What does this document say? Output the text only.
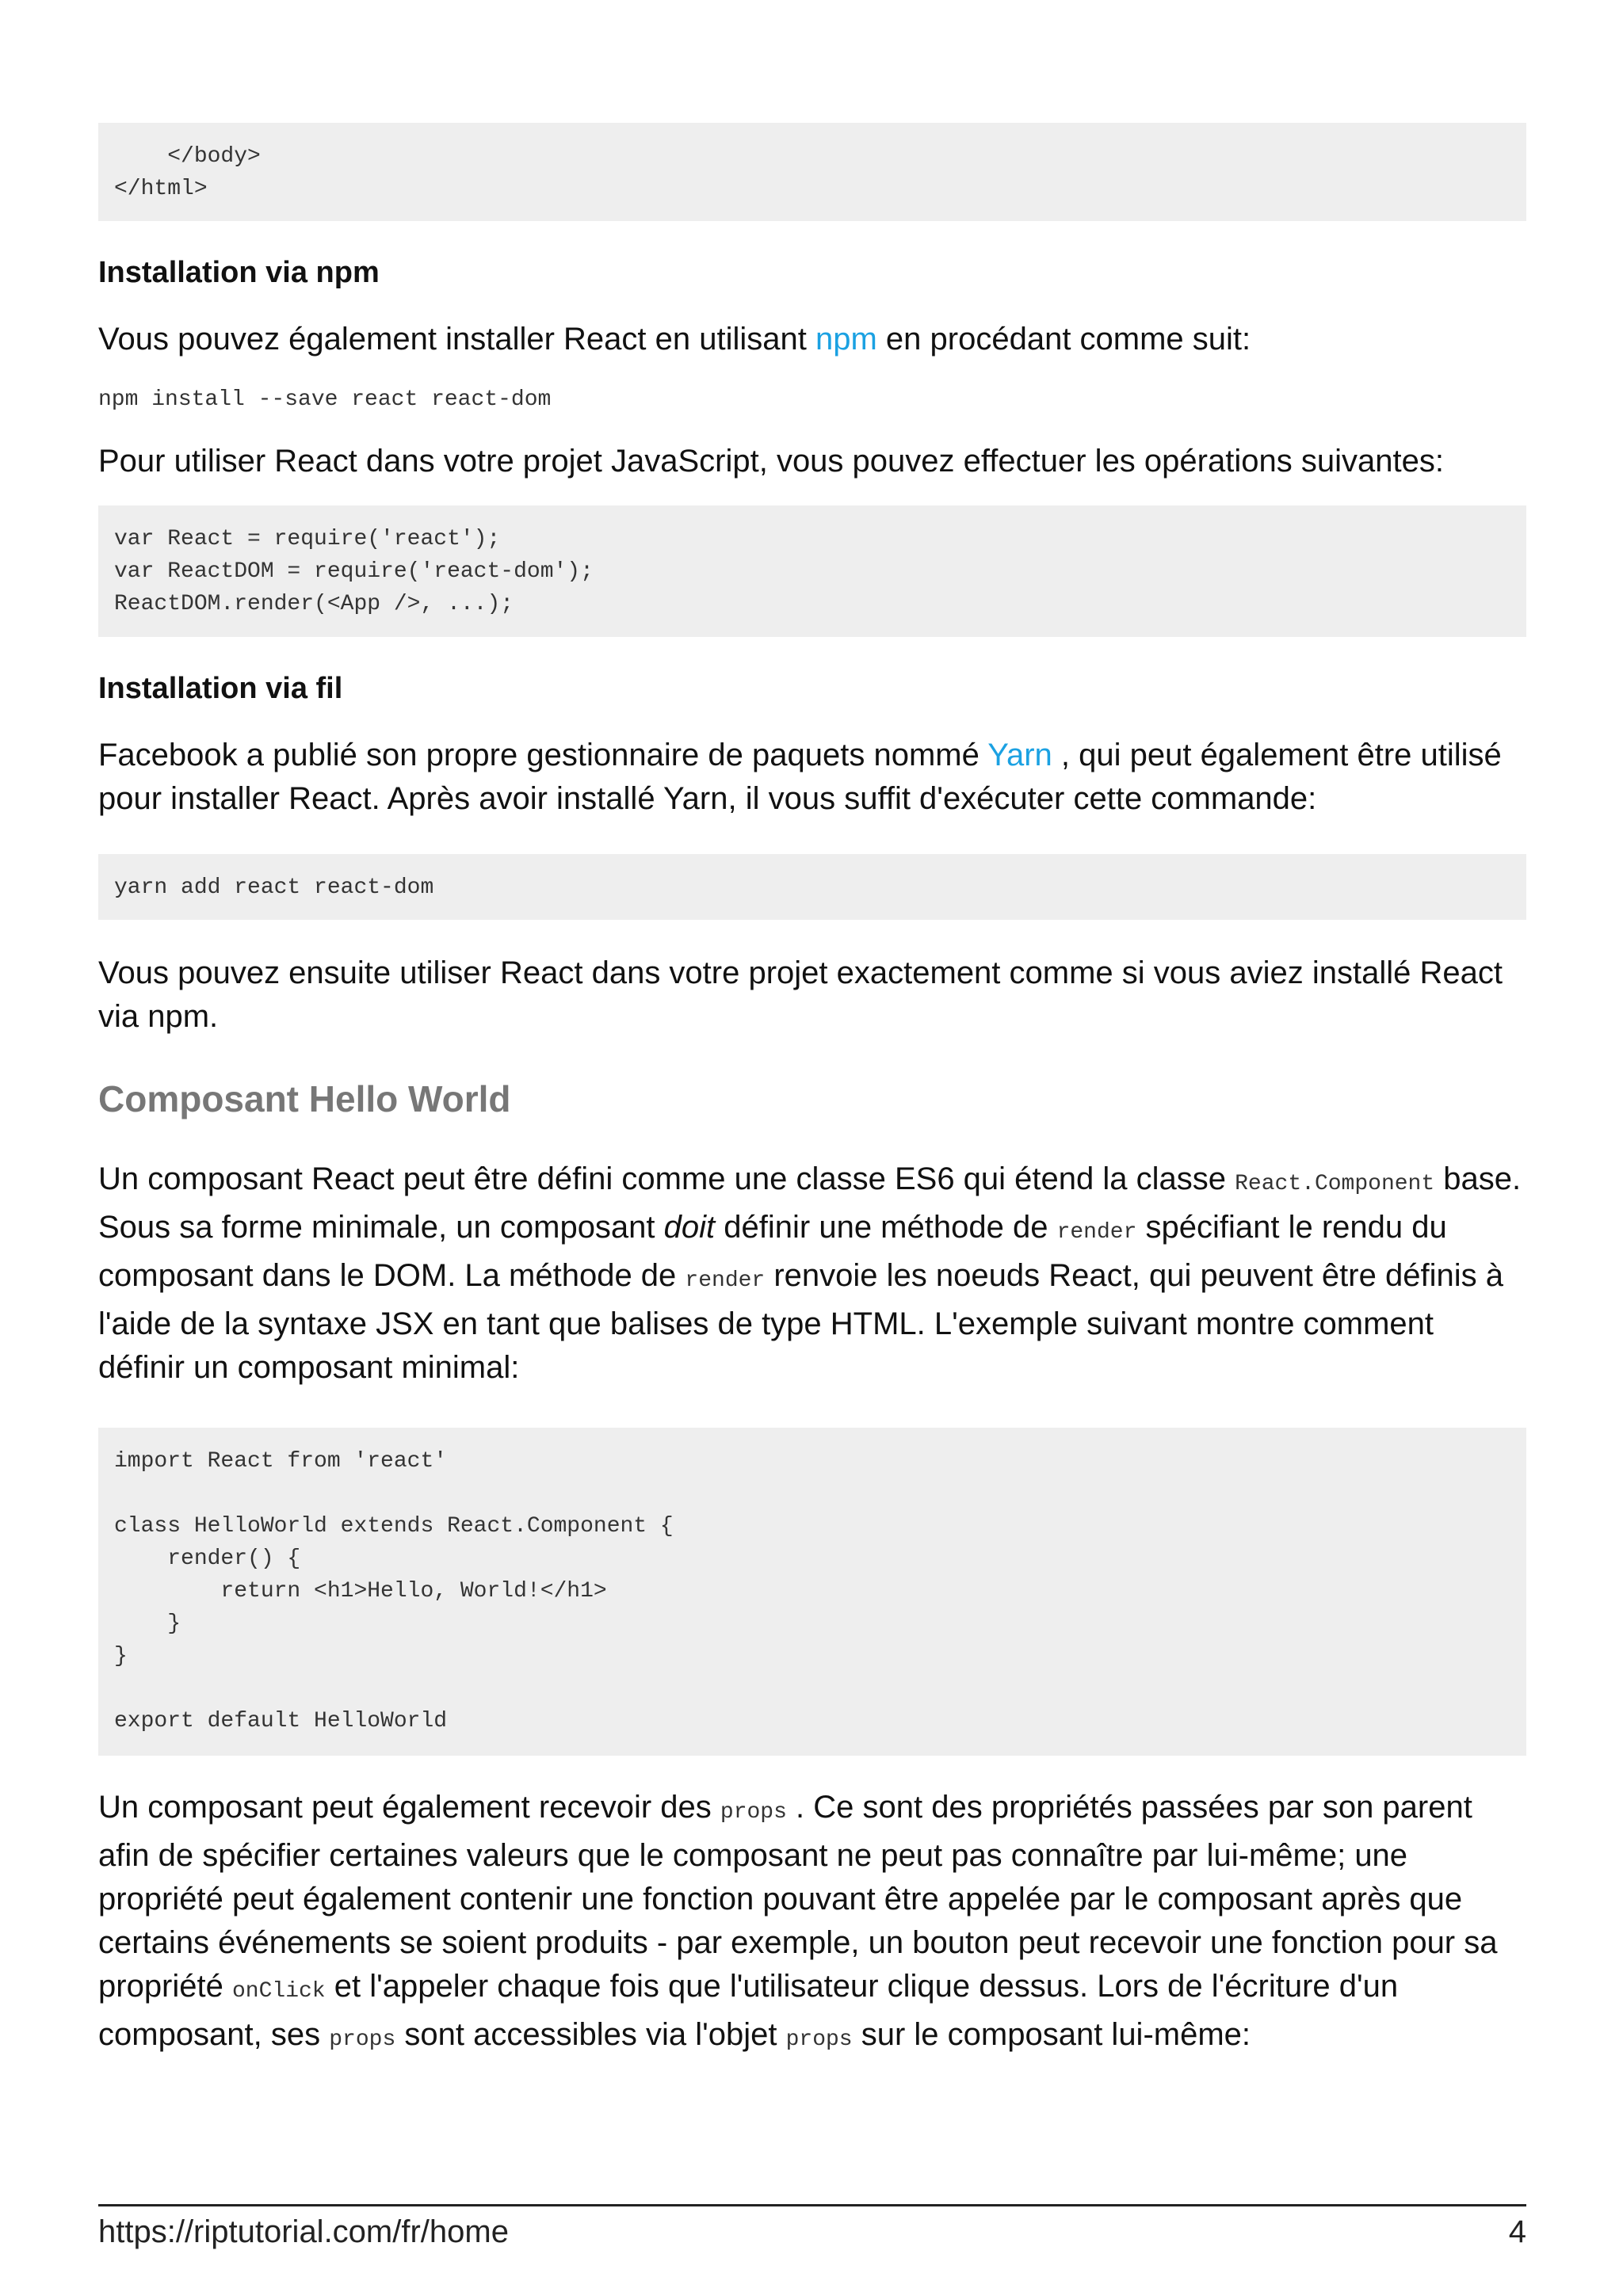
</body>
</html>
Installation via npm

Vous pouvez également installer React en utilisant npm en procédant comme suit:

npm install --save react react-dom

Pour utiliser React dans votre projet JavaScript, vous pouvez effectuer les opérations suivantes:

var React = require('react');
var ReactDOM = require('react-dom');
ReactDOM.render(<App />, ...);
Installation via fil

Facebook a publié son propre gestionnaire de paquets nommé Yarn , qui peut également être utilisé pour installer React. Après avoir installé Yarn, il vous suffit d'exécuter cette commande:

yarn add react react-dom

Vous pouvez ensuite utiliser React dans votre projet exactement comme si vous aviez installé React via npm.

Composant Hello World

Un composant React peut être défini comme une classe ES6 qui étend la classe React.Component base. Sous sa forme minimale, un composant doit définir une méthode de render spécifiant le rendu du composant dans le DOM. La méthode de render renvoie les noeuds React, qui peuvent être définis à l'aide de la syntaxe JSX en tant que balises de type HTML. L'exemple suivant montre comment définir un composant minimal:

import React from 'react'

class HelloWorld extends React.Component {
render() {
return <h1>Hello, World!</h1>
}
}

export default HelloWorld

Un composant peut également recevoir des props . Ce sont des propriétés passées par son parent afin de spécifier certaines valeurs que le composant ne peut pas connaître par lui-même; une propriété peut également contenir une fonction pouvant être appelée par le composant après que certains événements se soient produits - par exemple, un bouton peut recevoir une fonction pour sa propriété onClick et l'appeler chaque fois que l'utilisateur clique dessus. Lors de l'écriture d'un composant, ses props sont accessibles via l'objet props sur le composant lui-même:

https://riptutorial.com/fr/home	4
